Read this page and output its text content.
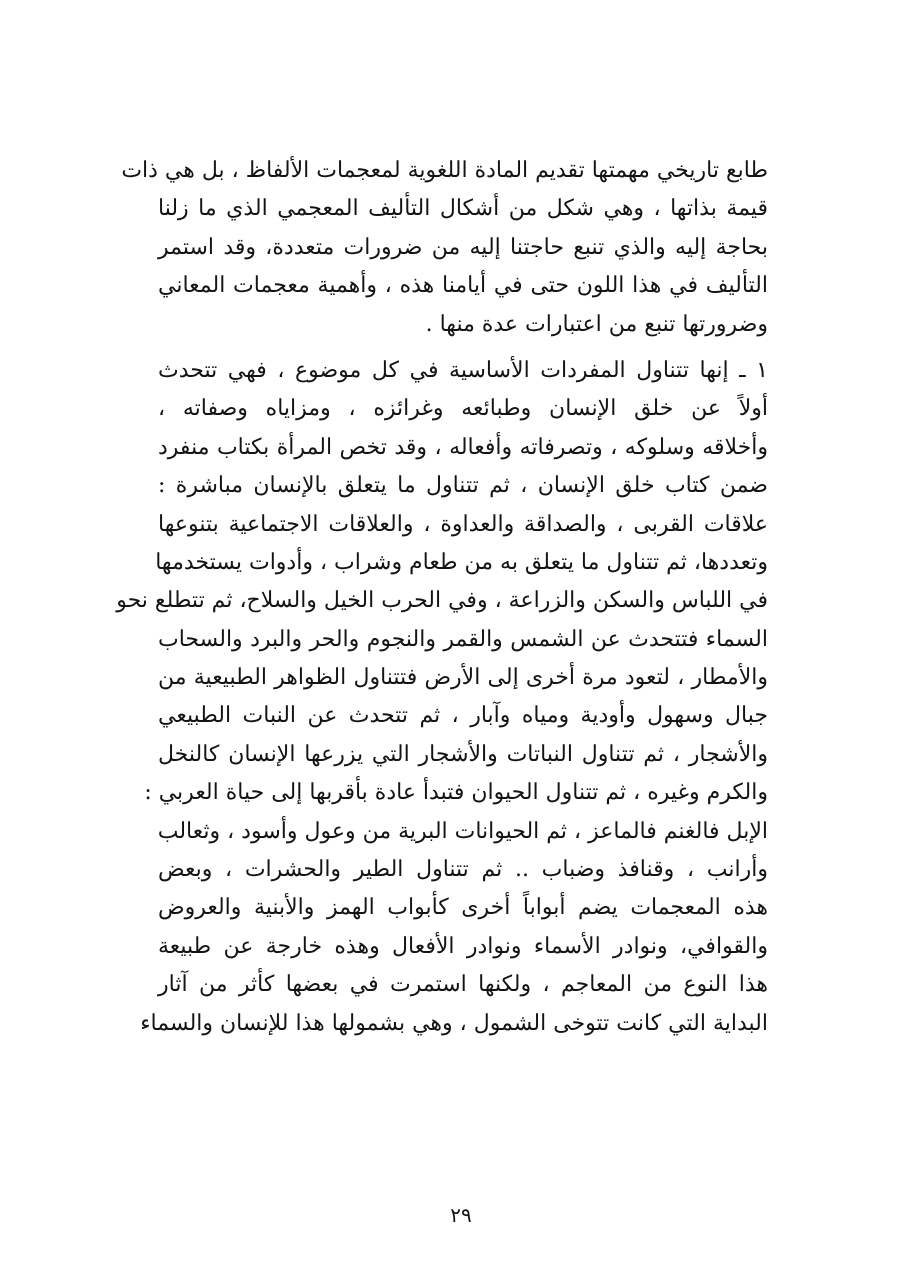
طابع تاريخي مهمتها تقديم المادة اللغوية لمعجمات الألفاظ ، بل هي ذات
قيمة بذاتها ، وهي شكل من أشكال التأليف المعجمي الذي ما زلنا
بحاجة إليه والذي تنبع حاجتنا إليه من ضرورات متعددة، وقد استمر
التأليف في هذا اللون حتى في أيامنا هذه ، وأهمية معجمات المعاني
وضرورتها تنبع من اعتبارات عدة منها .
١ ـ إنها تتناول المفردات الأساسية في كل موضوع ، فهي تتحدث
أولاً عن خلق الإنسان وطبائعه وغرائزه ، ومزاياه وصفاته ،
وأخلاقه وسلوكه ، وتصرفاته وأفعاله ، وقد تخص المرأة بكتاب منفرد
ضمن كتاب خلق الإنسان ، ثم تتناول ما يتعلق بالإنسان مباشرة :
علاقات القربى ، والصداقة والعداوة ، والعلاقات الاجتماعية بتنوعها
وتعددها، ثم تتناول ما يتعلق به من طعام وشراب ، وأدوات يستخدمها
في اللباس والسكن والزراعة ، وفي الحرب الخيل والسلاح، ثم تتطلع نحو
السماء فتتحدث عن الشمس والقمر والنجوم والحر والبرد والسحاب
والأمطار ، لتعود مرة أخرى إلى الأرض فتتناول الظواهر الطبيعية من
جبال وسهول وأودية ومياه وآبار ، ثم تتحدث عن النبات الطبيعي
والأشجار ، ثم تتناول النباتات والأشجار التي يزرعها الإنسان كالنخل
والكرم وغيره ، ثم تتناول الحيوان فتبدأ عادة بأقربها إلى حياة العربي :
الإبل فالغنم فالماعز ، ثم الحيوانات البرية من وعول وأسود ، وثعالب
وأرانب ، وقنافذ وضباب .. ثم تتناول الطير والحشرات ، وبعض
هذه المعجمات يضم أبواباً أخرى كأبواب الهمز والأبنية والعروض
والقوافي، ونوادر الأسماء ونوادر الأفعال وهذه خارجة عن طبيعة
هذا النوع من المعاجم ، ولكنها استمرت في بعضها كأثر من آثار
البداية التي كانت تتوخى الشمول ، وهي بشمولها هذا للإنسان والسماء
٢٩
